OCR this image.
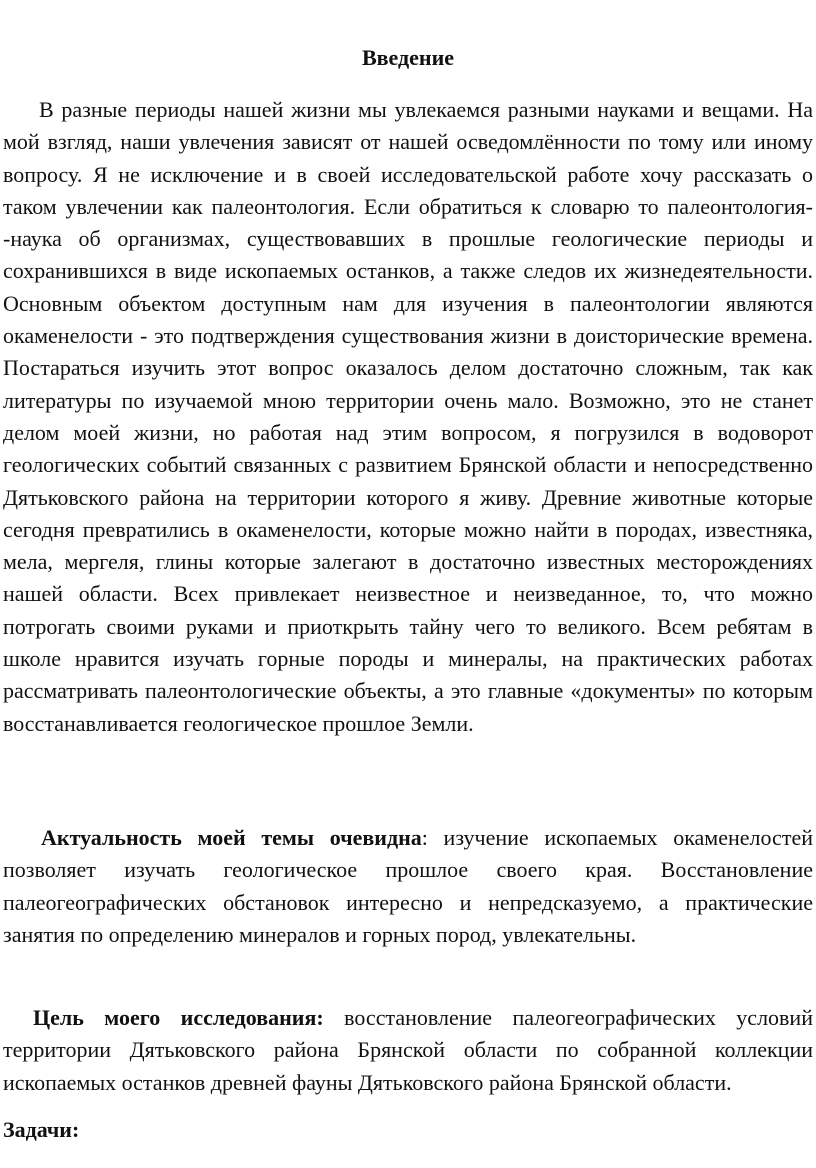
Введение

В разные периоды нашей жизни мы увлекаемся разными науками и вещами. На мой взгляд, наши увлечения зависят от нашей осведомлённости по тому или иному вопросу. Я не исключение и в своей исследовательской работе хочу рассказать о таком увлечении как палеонтология. Если обратиться к словарю то палеонтология- -наука об организмах, существовавших в прошлые геологические периоды и сохранившихся в виде ископаемых останков, а также следов их жизнедеятельности. Основным объектом доступным нам для изучения в палеонтологии являются окаменелости - это подтверждения существования жизни в доисторические времена. Постараться изучить этот вопрос оказалось делом достаточно сложным, так как литературы по изучаемой мною территории очень мало. Возможно, это не станет делом моей жизни, но работая над этим вопросом, я погрузился в водоворот геологических событий связанных с развитием Брянской области и непосредственно Дятьковского района на территории которого я живу. Древние животные которые сегодня превратились в окаменелости, которые можно найти в породах, известняка, мела, мергеля, глины которые залегают в достаточно известных месторождениях нашей области. Всех привлекает неизвестное и неизведанное, то, что можно потрогать своими руками и приоткрыть тайну чего то великого. Всем ребятам в школе нравится изучать горные породы и минералы, на практических работах рассматривать палеонтологические объекты, а это главные «документы» по которым восстанавливается геологическое прошлое Земли.

Актуальность моей темы очевидна: изучение ископаемых окаменелостей позволяет изучать геологическое прошлое своего края. Восстановление палеогеографических обстановок интересно и непредсказуемо, а практические занятия по определению минералов и горных пород, увлекательны.

Цель моего исследования: восстановление палеогеографических условий территории Дятьковского района Брянской области по собранной коллекции ископаемых останков древней фауны Дятьковского района Брянской области.

Задачи:
